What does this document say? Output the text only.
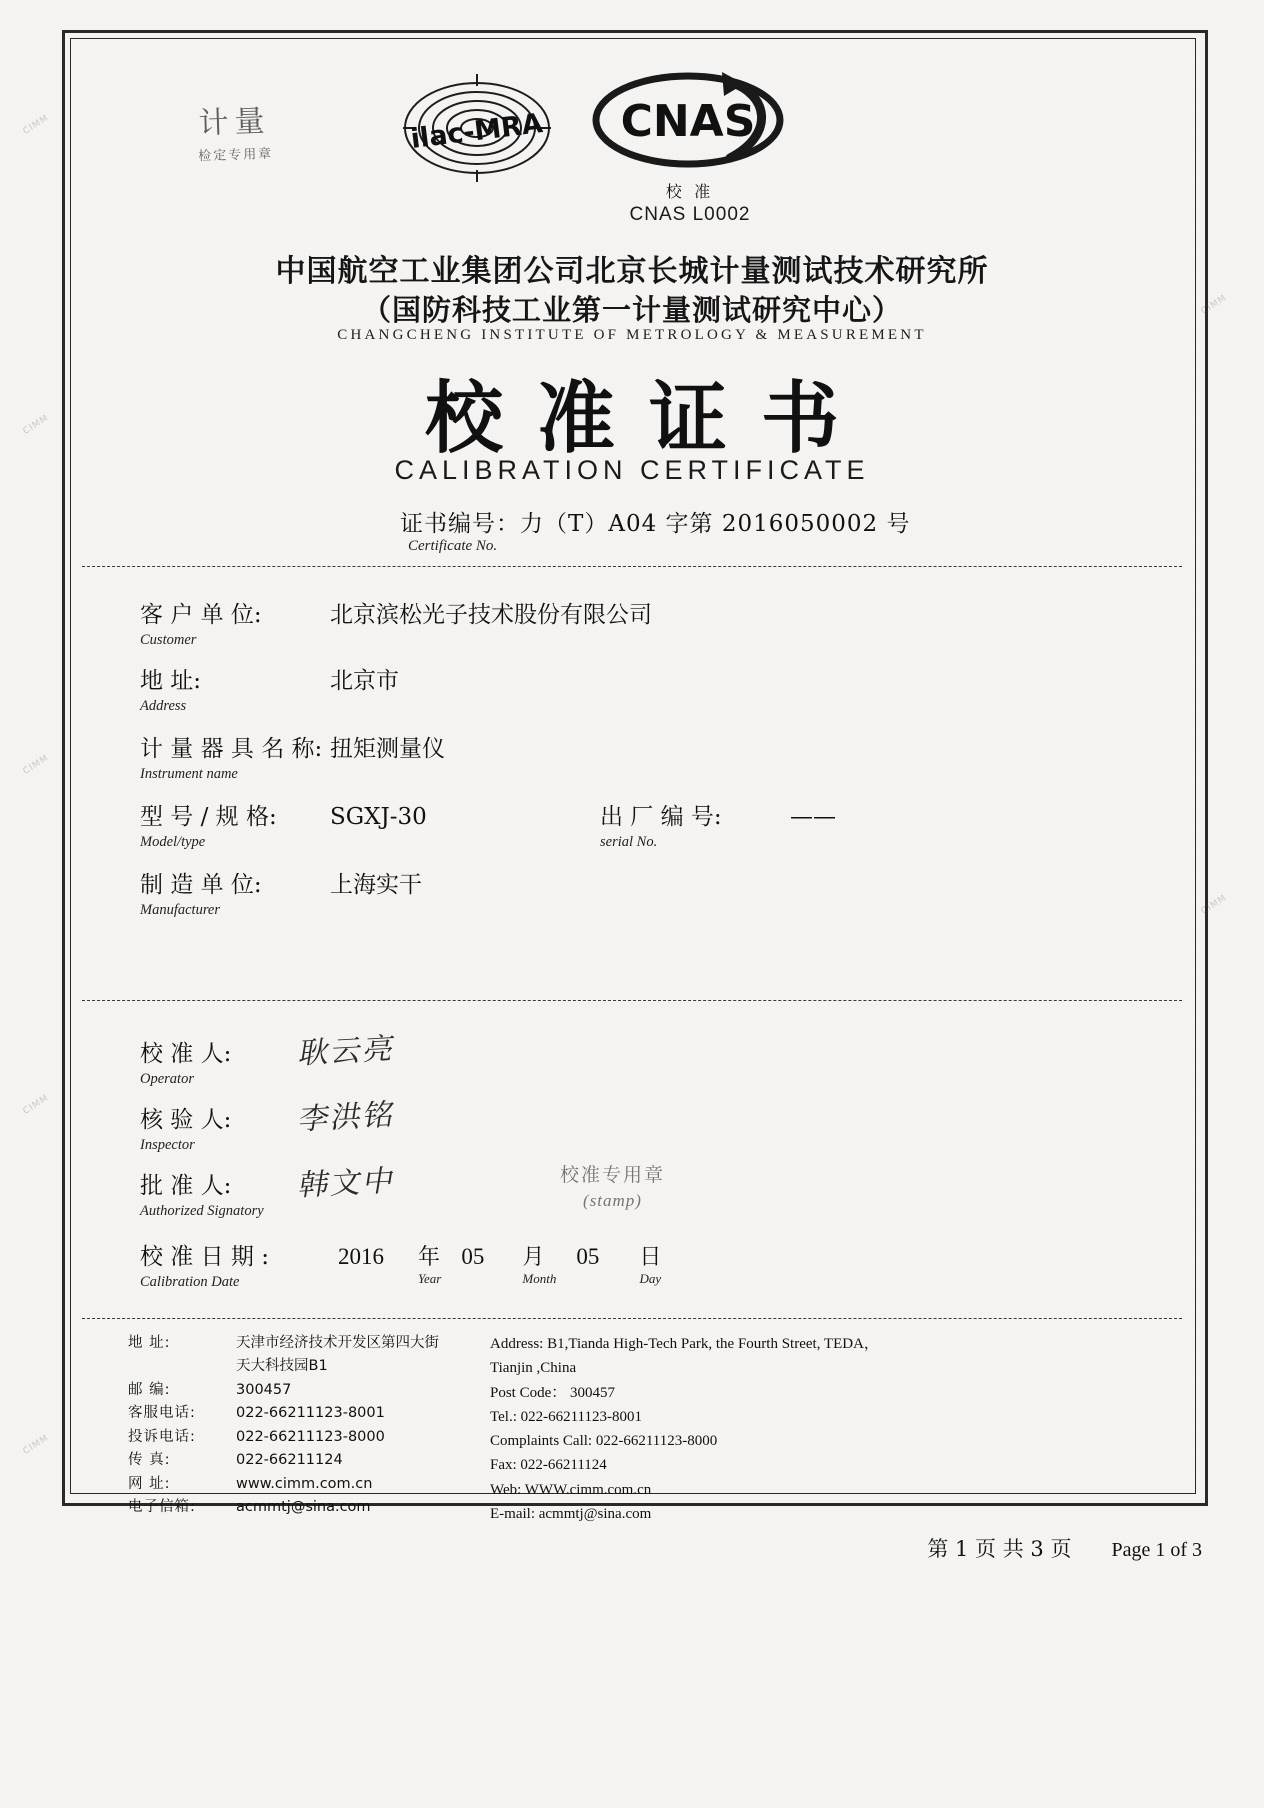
计量
检定专用章
ilac-MRA CNAS
校 准
CNAS L0002
中国航空工业集团公司北京长城计量测试技术研究所
（国防科技工业第一计量测试研究中心）
CHANGCHENG INSTITUTE OF METROLOGY & MEASUREMENT
校准证书
CALIBRATION CERTIFICATE
证书编号：力（T）A04 字第 2016050002 号
Certificate No.
客 户 单 位:
Customer
北京滨松光子技术股份有限公司
地 址:
Address
北京市
计 量 器 具 名 称:
Instrument name
扭矩测量仪
型 号 / 规 格:
Model/type
SGXJ-30	出 厂 编 号:
serial No.
——
制 造 单 位:
Manufacturer
上海实干
校 准 人:
Operator
耿云亮
核 验 人:
Inspector
李洪铭
批 准 人:
Authorized Signatory
韩文中	校准专用章
(stamp)
校 准 日 期 :
Calibration Date
2016 年
Year
05 月
Month
05 日
Day
地 址:	天津市经济技术开发区第四大街
天大科技园B1
邮 编:	300457
客服电话:	022-66211123-8001
投诉电话:	022-66211123-8000
传 真:	022-66211124
网 址:	www.cimm.com.cn
电子信箱:	acmmtj@sina.com
Address: B1,Tianda High-Tech Park, the Fourth Street, TEDA，
Tianjin ,China
Post Code： 300457
Tel.: 022-66211123-8001
Complaints Call: 022-66211123-8000
Fax: 022-66211124
Web: WWW.cimm.com.cn
E-mail: acmmtj@sina.com
第 1 页 共 3 页 Page 1 of 3
CIMM
CIMM
CIMM
CIMM
CIMM
CIMM
CIMM
